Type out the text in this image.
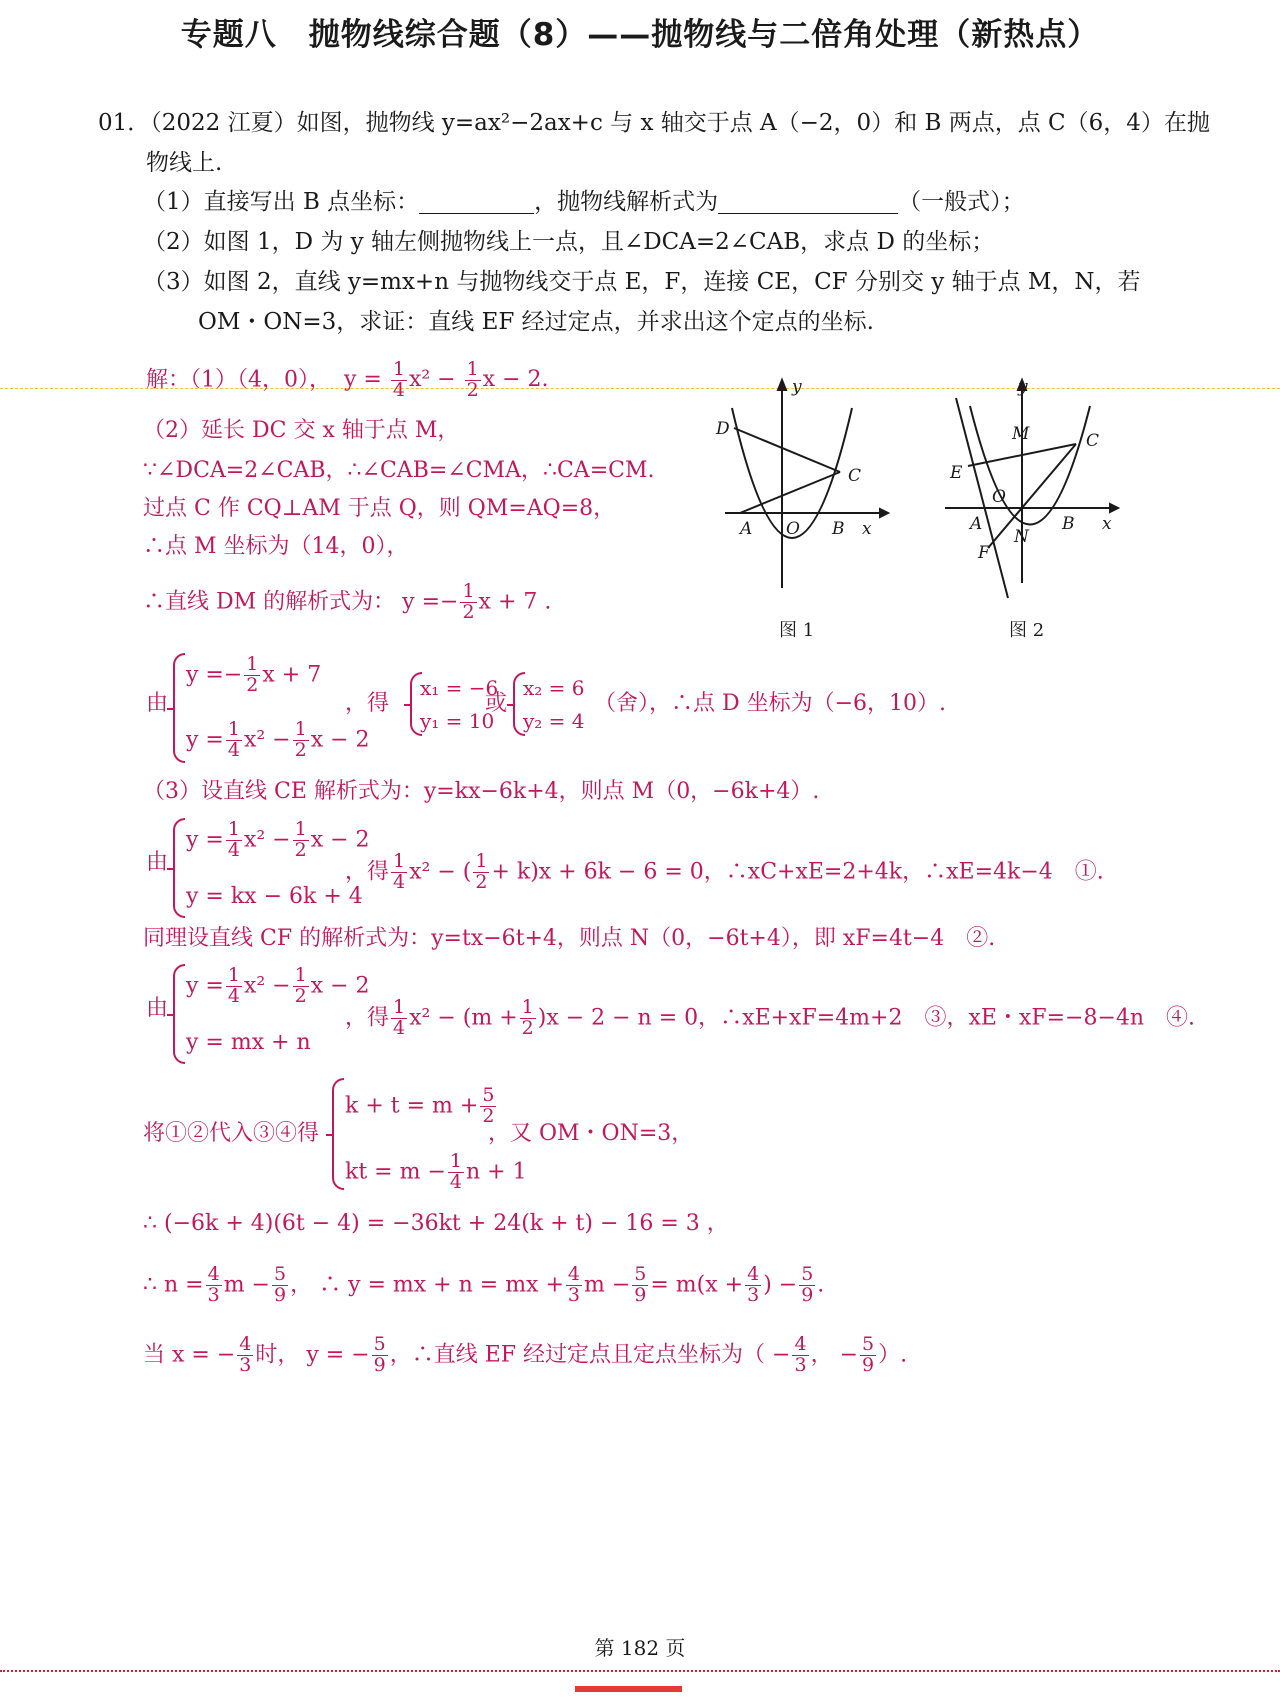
专题八　抛物线综合题（8）——抛物线与二倍角处理（新热点）
01．（2022 江夏）如图，抛物线 y=ax²−2ax+c 与 x 轴交于点 A（−2，0）和 B 两点，点 C（6，4）在抛
物线上.
（1）直接写出 B 点坐标：	，抛物线解析式为	（一般式）；
（2）如图 1，D 为 y 轴左侧抛物线上一点，且∠DCA=2∠CAB，求点 D 的坐标；
（3）如图 2，直线 y=mx+n 与抛物线交于点 E，F，连接 CE，CF 分别交 y 轴于点 M，N，若
OM・ON=3，求证：直线 EF 经过定点，并求出这个定点的坐标.
解：（1）（4，0）， $y = \frac{1}{4} x^2 - \frac{1}{2}$ x − 2.
（2）延长 DC 交 x 轴于点 M，
∵∠DCA=2∠CAB，∴∠CAB=∠CMA，∴CA=CM.
过点 C 作 CQ⊥AM 于点 Q，则 QM=AQ=8，
∴点 M 坐标为（14，0），
∴直线 DM 的解析式为： $y =- \frac{1}{2}$ x + 7 .
由
$y =- \frac{1}{2}$ x + 7
$y = \frac{1}{4} x^2 - \frac{1}{2}$ x − 2
，得
x₁ = −6
y₁ = 10
或
x₂ = 6
y₂ = 4
（舍），∴点 D 坐标为（−6，10）.
（3）设直线 CE 解析式为：y=kx−6k+4，则点 M（0，−6k+4）.
由
$y = \frac{1}{4} x^2 - \frac{1}{2}$ x − 2
y = kx − 6k + 4
，得 $\frac{1}{4} x^2$ − ( $\frac{1}{2} + k)x + 6k - 6 = 0$，∴xC+xE=2+4k，∴xE=4k−4　①.
同理设直线 CF 的解析式为：y=tx−6t+4，则点 N（0，−6t+4），即 xF=4t−4　②.
由
$y = \frac{1}{4} x^2 - \frac{1}{2}$ x − 2
y = mx + n
，得 $\frac{1}{4} x^2 - (m + \frac{1}{2} )x - 2 - n = 0$，∴xE+xF=4m+2　③，xE・xF=−8−4n　④.
将①②代入③④得
$k + t = m + \frac{5}{2}$
kt = $m - \frac{1}{4}$ n + 1
，又 OM・ON=3，
∴ (−6k + 4)(6t − 4) = −36kt + 24(k + t) − 16 = 3 ，
∴ $n = \frac{4}{3}$ $m - \frac{5}{9}$ ， ∴ y = mx + n = mx + $\frac{4}{3}$ $m - \frac{5}{9} = m(x + \frac{4}{3}$ ) − $\frac{5}{9}$ .
当 x = − $\frac{4}{3}$ 时， y = − $\frac{5}{9}$ ，∴直线 EF 经过定点且定点坐标为（ − $\frac{4}{3}$ ， − $\frac{5}{9}$ ）.
y
D
C
A O B x
图 1
y
M	C
E
O
A
N
B x
F
图 2
第 182 页
